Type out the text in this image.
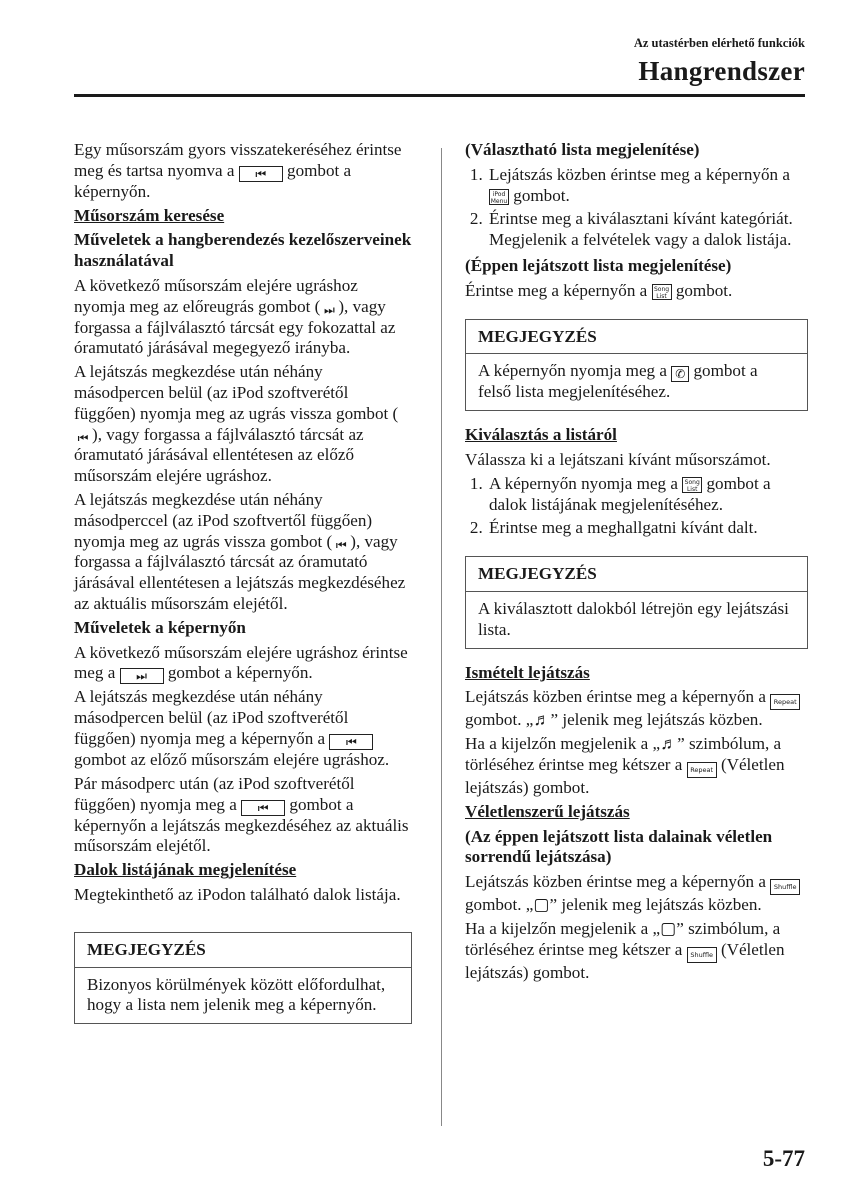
Az utastérben elérhető funkciók
Hangrendszer

Egy műsorszám gyors visszatekeréséhez érintse meg és tartsa nyomva a ⏮ gombot a képernyőn.

Műsorszám keresése

Műveletek a hangberendezés kezelőszerveinek használatával

A következő műsorszám elejére ugráshoz nyomja meg az előreugrás gombot ( ⏭ ), vagy forgassa a fájlválasztó tárcsát egy fokozattal az óramutató járásával megegyező irányba.

A lejátszás megkezdése után néhány másodpercen belül (az iPod szoftverétől függően) nyomja meg az ugrás vissza gombot (⏮ ), vagy forgassa a fájlválasztó tárcsát az óramutató járásával ellentétesen az előző műsorszám elejére ugráshoz.

A lejátszás megkezdése után néhány másodperccel (az iPod szoftvertől függően) nyomja meg az ugrás vissza gombot ( ⏮ ), vagy forgassa a fájlválasztó tárcsát az óramutató járásával ellentétesen a lejátszás megkezdéséhez az aktuális műsorszám elejétől.

Műveletek a képernyőn

A következő műsorszám elejére ugráshoz érintse meg a ⏭ gombot a képernyőn.

A lejátszás megkezdése után néhány másodpercen belül (az iPod szoftverétől függően) nyomja meg a képernyőn a ⏮ gombot az előző műsorszám elejére ugráshoz.

Pár másodperc után (az iPod szoftverétől függően) nyomja meg a ⏮ gombot a képernyőn a lejátszás megkezdéséhez az aktuális műsorszám elejétől.

Dalok listájának megjelenítése

Megtekinthető az iPodon található dalok listája.

MEGJEGYZÉS
Bizonyos körülmények között előfordulhat, hogy a lista nem jelenik meg a képernyőn.

(Választható lista megjelenítése)

1. Lejátszás közben érintse meg a képernyőn a iPod
Menu gombot.
2. Érintse meg a kiválasztani kívánt kategóriát. Megjelenik a felvételek vagy a dalok listája.

(Éppen lejátszott lista megjelenítése)

Érintse meg a képernyőn a Song
List gombot.

MEGJEGYZÉS
A képernyőn nyomja meg a ✆ gombot a felső lista megjelenítéséhez.

Kiválasztás a listáról

Válassza ki a lejátszani kívánt műsorszámot.

1. A képernyőn nyomja meg a Song
List gombot a dalok listájának megjelenítéséhez.
2. Érintse meg a meghallgatni kívánt dalt.
MEGJEGYZÉS
A kiválasztott dalokból létrejön egy lejátszási lista.

Ismételt lejátszás

Lejátszás közben érintse meg a képernyőn a Repeat gombot. „♬” jelenik meg lejátszás közben.

Ha a kijelzőn megjelenik a „♬” szimbólum, a törléséhez érintse meg kétszer a Repeat (Véletlen lejátszás) gombot.

Véletlenszerű lejátszás

(Az éppen lejátszott lista dalainak véletlen sorrendű lejátszása)

Lejátszás közben érintse meg a képernyőn a Shuffle gombot. „▢” jelenik meg lejátszás közben.

Ha a kijelzőn megjelenik a „▢” szimbólum, a törléséhez érintse meg kétszer a Shuffle (Véletlen lejátszás) gombot.

5-77
